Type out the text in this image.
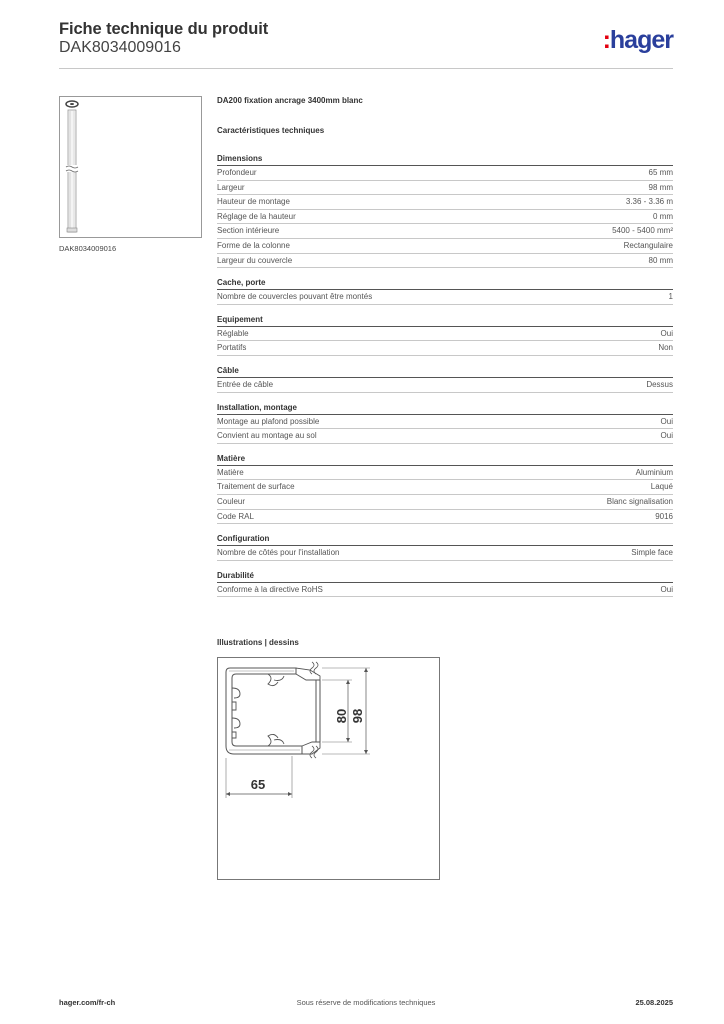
Fiche technique du produit
DAK8034009016	:hager
DAK8034009016
DA200 fixation ancrage 3400mm blanc
Caractéristiques techniques
Dimensions
Profondeur	65 mm
Largeur	98 mm
Hauteur de montage	3.36 - 3.36 m
Réglage de la hauteur	0 mm
Section intérieure	5400 - 5400 mm²
Forme de la colonne	Rectangulaire
Largeur du couvercle	80 mm
Cache, porte
Nombre de couvercles pouvant être montés	1
Equipement
Réglable	Oui
Portatifs	Non
Câble
Entrée de câble	Dessus
Installation, montage
Montage au plafond possible	Oui
Convient au montage au sol	Oui
Matière
Matière	Aluminium
Traitement de surface	Laqué
Couleur	Blanc signalisation
Code RAL	9016
Configuration
Nombre de côtés pour l'installation	Simple face
Durabilité
Conforme à la directive RoHS	Oui
Illustrations | dessins
80 98
65
Sous réserve de modifications techniques
hager.com/fr-ch	25.08.2025
